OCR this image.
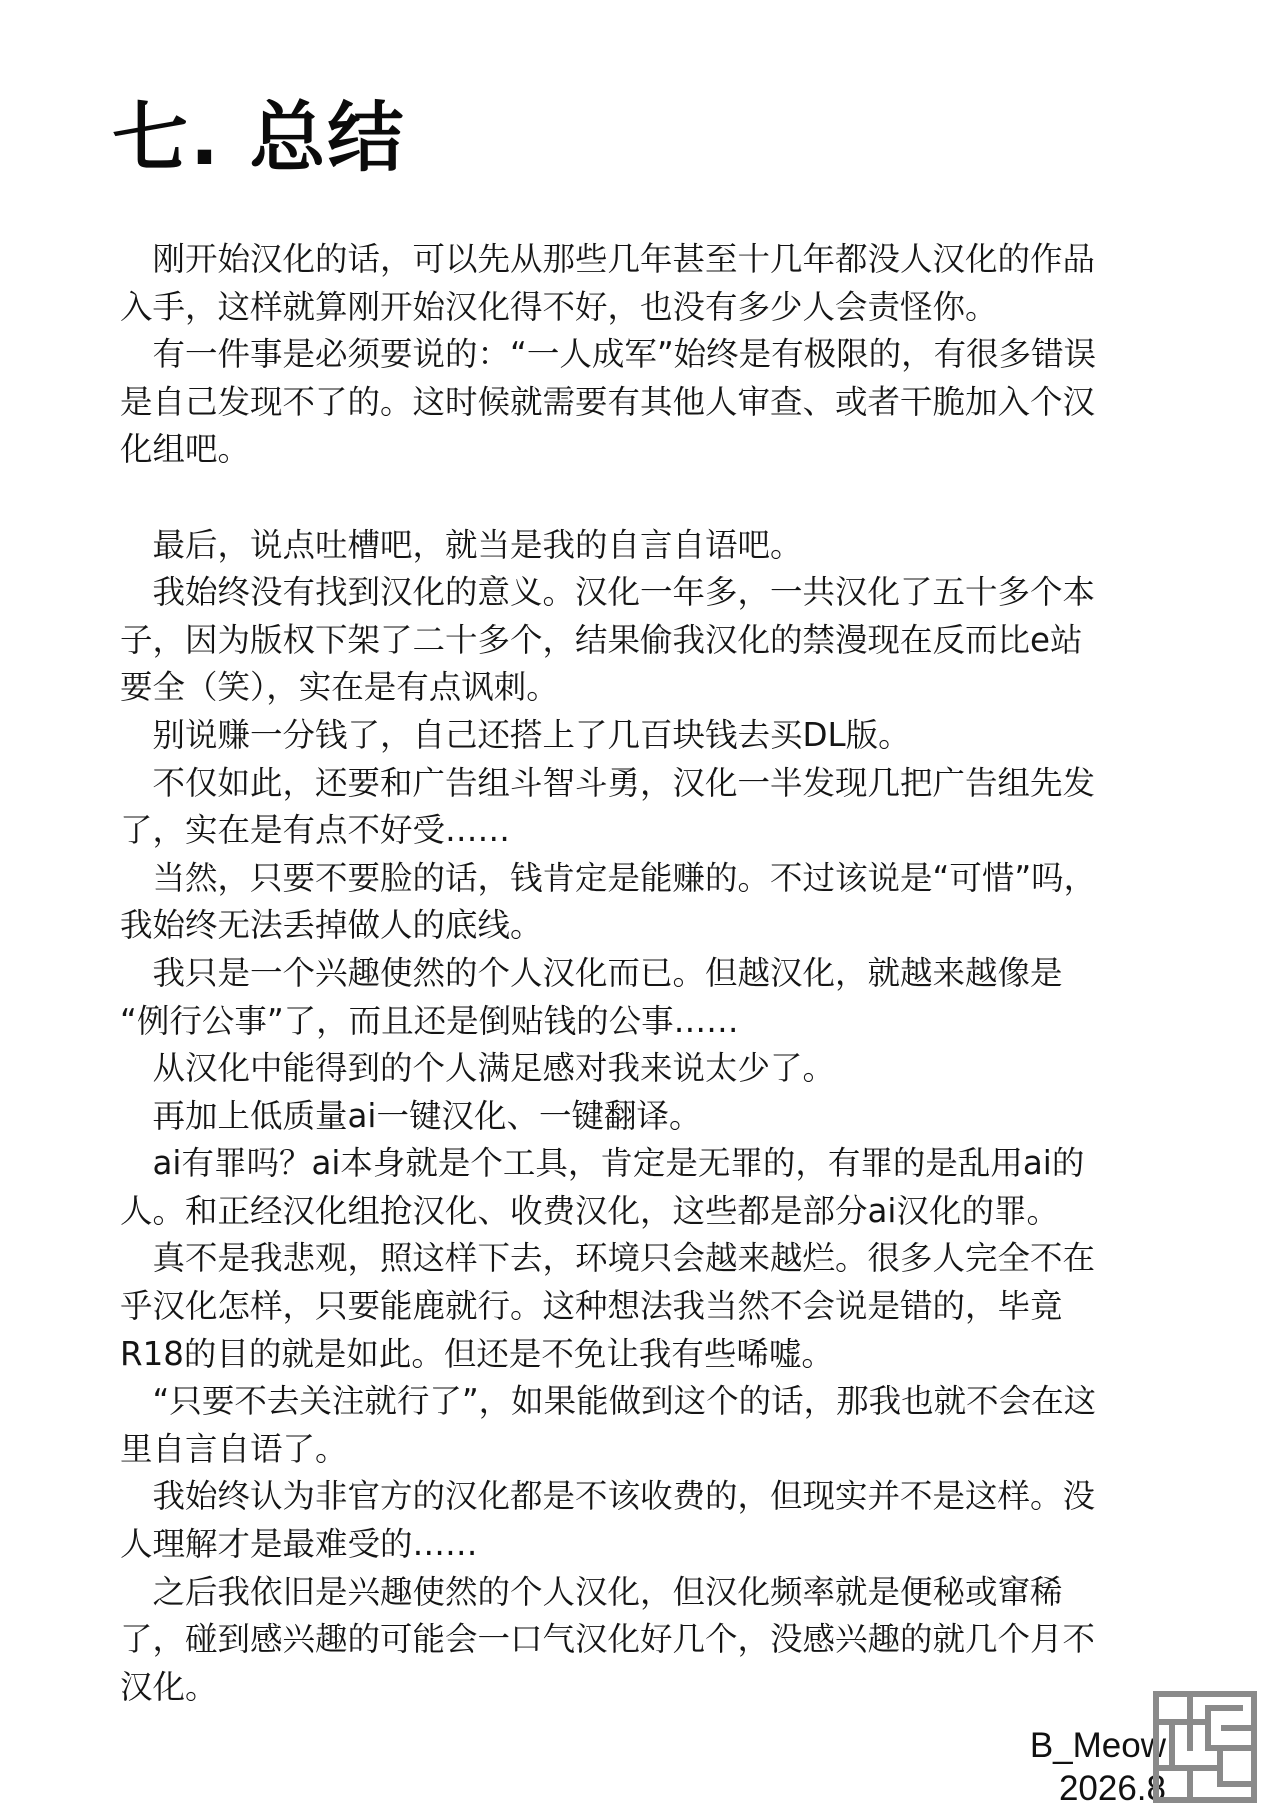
七. 总结

刚开始汉化的话，可以先从那些几年甚至十几年都没人汉化的作品
入手，这样就算刚开始汉化得不好，也没有多少人会责怪你。

有一件事是必须要说的：“一人成军”始终是有极限的，有很多错误
是自己发现不了的。这时候就需要有其他人审查、或者干脆加入个汉
化组吧。

最后，说点吐槽吧，就当是我的自言自语吧。

我始终没有找到汉化的意义。汉化一年多，一共汉化了五十多个本
子，因为版权下架了二十多个，结果偷我汉化的禁漫现在反而比e站
要全（笑），实在是有点讽刺。

别说赚一分钱了，自己还搭上了几百块钱去买DL版。

不仅如此，还要和广告组斗智斗勇，汉化一半发现几把广告组先发
了，实在是有点不好受……

当然，只要不要脸的话，钱肯定是能赚的。不过该说是“可惜”吗，
我始终无法丢掉做人的底线。

我只是一个兴趣使然的个人汉化而已。但越汉化，就越来越像是
“例行公事”了，而且还是倒贴钱的公事……

从汉化中能得到的个人满足感对我来说太少了。

再加上低质量ai一键汉化、一键翻译。

ai有罪吗？ai本身就是个工具，肯定是无罪的，有罪的是乱用ai的
人。和正经汉化组抢汉化、收费汉化，这些都是部分ai汉化的罪。

真不是我悲观，照这样下去，环境只会越来越烂。很多人完全不在
乎汉化怎样，只要能鹿就行。这种想法我当然不会说是错的，毕竟
R18的目的就是如此。但还是不免让我有些唏嘘。

“只要不去关注就行了”，如果能做到这个的话，那我也就不会在这
里自言自语了。

我始终认为非官方的汉化都是不该收费的，但现实并不是这样。没
人理解才是最难受的……

之后我依旧是兴趣使然的个人汉化，但汉化频率就是便秘或窜稀
了，碰到感兴趣的可能会一口气汉化好几个，没感兴趣的就几个月不
汉化。

B_Meow
2026.8
